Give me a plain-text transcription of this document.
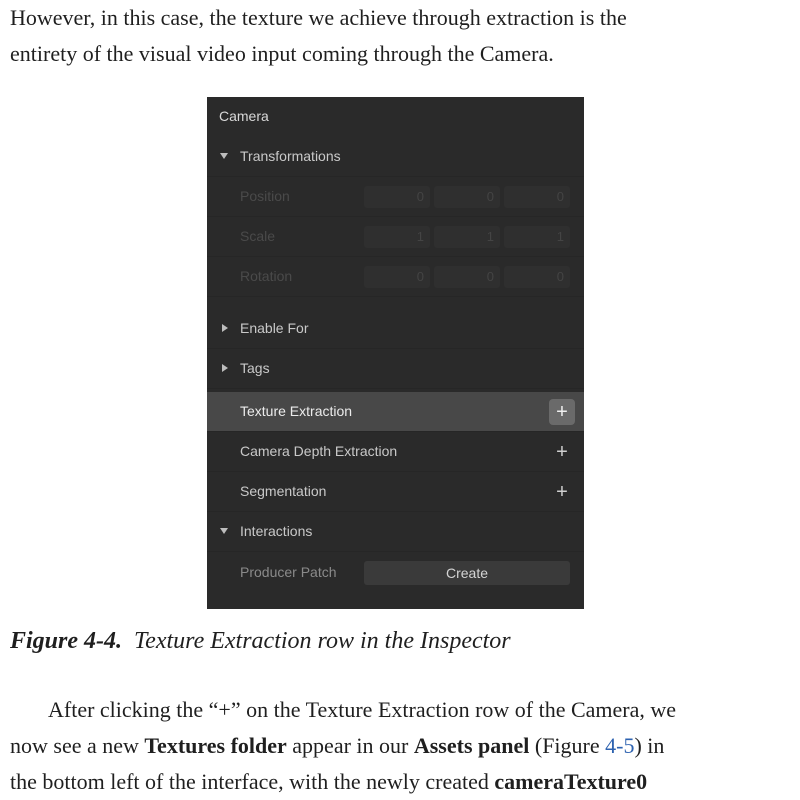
However, in this case, the texture we achieve through extraction is the
entirety of the visual video input coming through the Camera.

Camera
Transformations
Position	0	0	0
Scale	1	1	1
Rotation	0	0	0
Enable For
Tags
Texture Extraction	+
Camera Depth Extraction	+
Segmentation	+
Interactions
Producer Patch	Create

Figure 4-4. Texture Extraction row in the Inspector

After clicking the “+” on the Texture Extraction row of the Camera, we
now see a new Textures folder appear in our Assets panel (Figure 4-5) in
the bottom left of the interface, with the newly created cameraTexture0
